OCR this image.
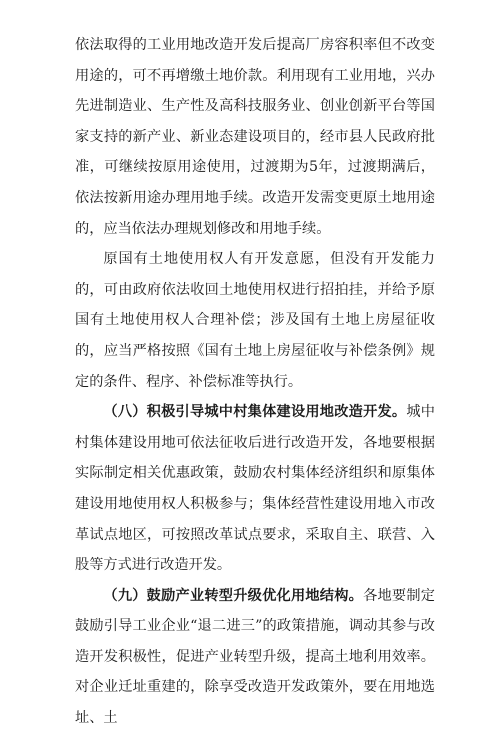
依法取得的工业用地改造开发后提高厂房容积率但不改变用途的，可不再增缴土地价款。利用现有工业用地，兴办先进制造业、生产性及高科技服务业、创业创新平台等国家支持的新产业、新业态建设项目的，经市县人民政府批准，可继续按原用途使用，过渡期为5年，过渡期满后，依法按新用途办理用地手续。改造开发需变更原土地用途的，应当依法办理规划修改和用地手续。

原国有土地使用权人有开发意愿，但没有开发能力的，可由政府依法收回土地使用权进行招拍挂，并给予原国有土地使用权人合理补偿；涉及国有土地上房屋征收的，应当严格按照《国有土地上房屋征收与补偿条例》规定的条件、程序、补偿标准等执行。

（八）积极引导城中村集体建设用地改造开发。城中村集体建设用地可依法征收后进行改造开发，各地要根据实际制定相关优惠政策，鼓励农村集体经济组织和原集体建设用地使用权人积极参与；集体经营性建设用地入市改革试点地区，可按照改革试点要求，采取自主、联营、入股等方式进行改造开发。

（九）鼓励产业转型升级优化用地结构。各地要制定鼓励引导工业企业“退二进三”的政策措施，调动其参与改造开发积极性，促进产业转型升级，提高土地利用效率。对企业迁址重建的，除享受改造开发政策外，要在用地选址、土
